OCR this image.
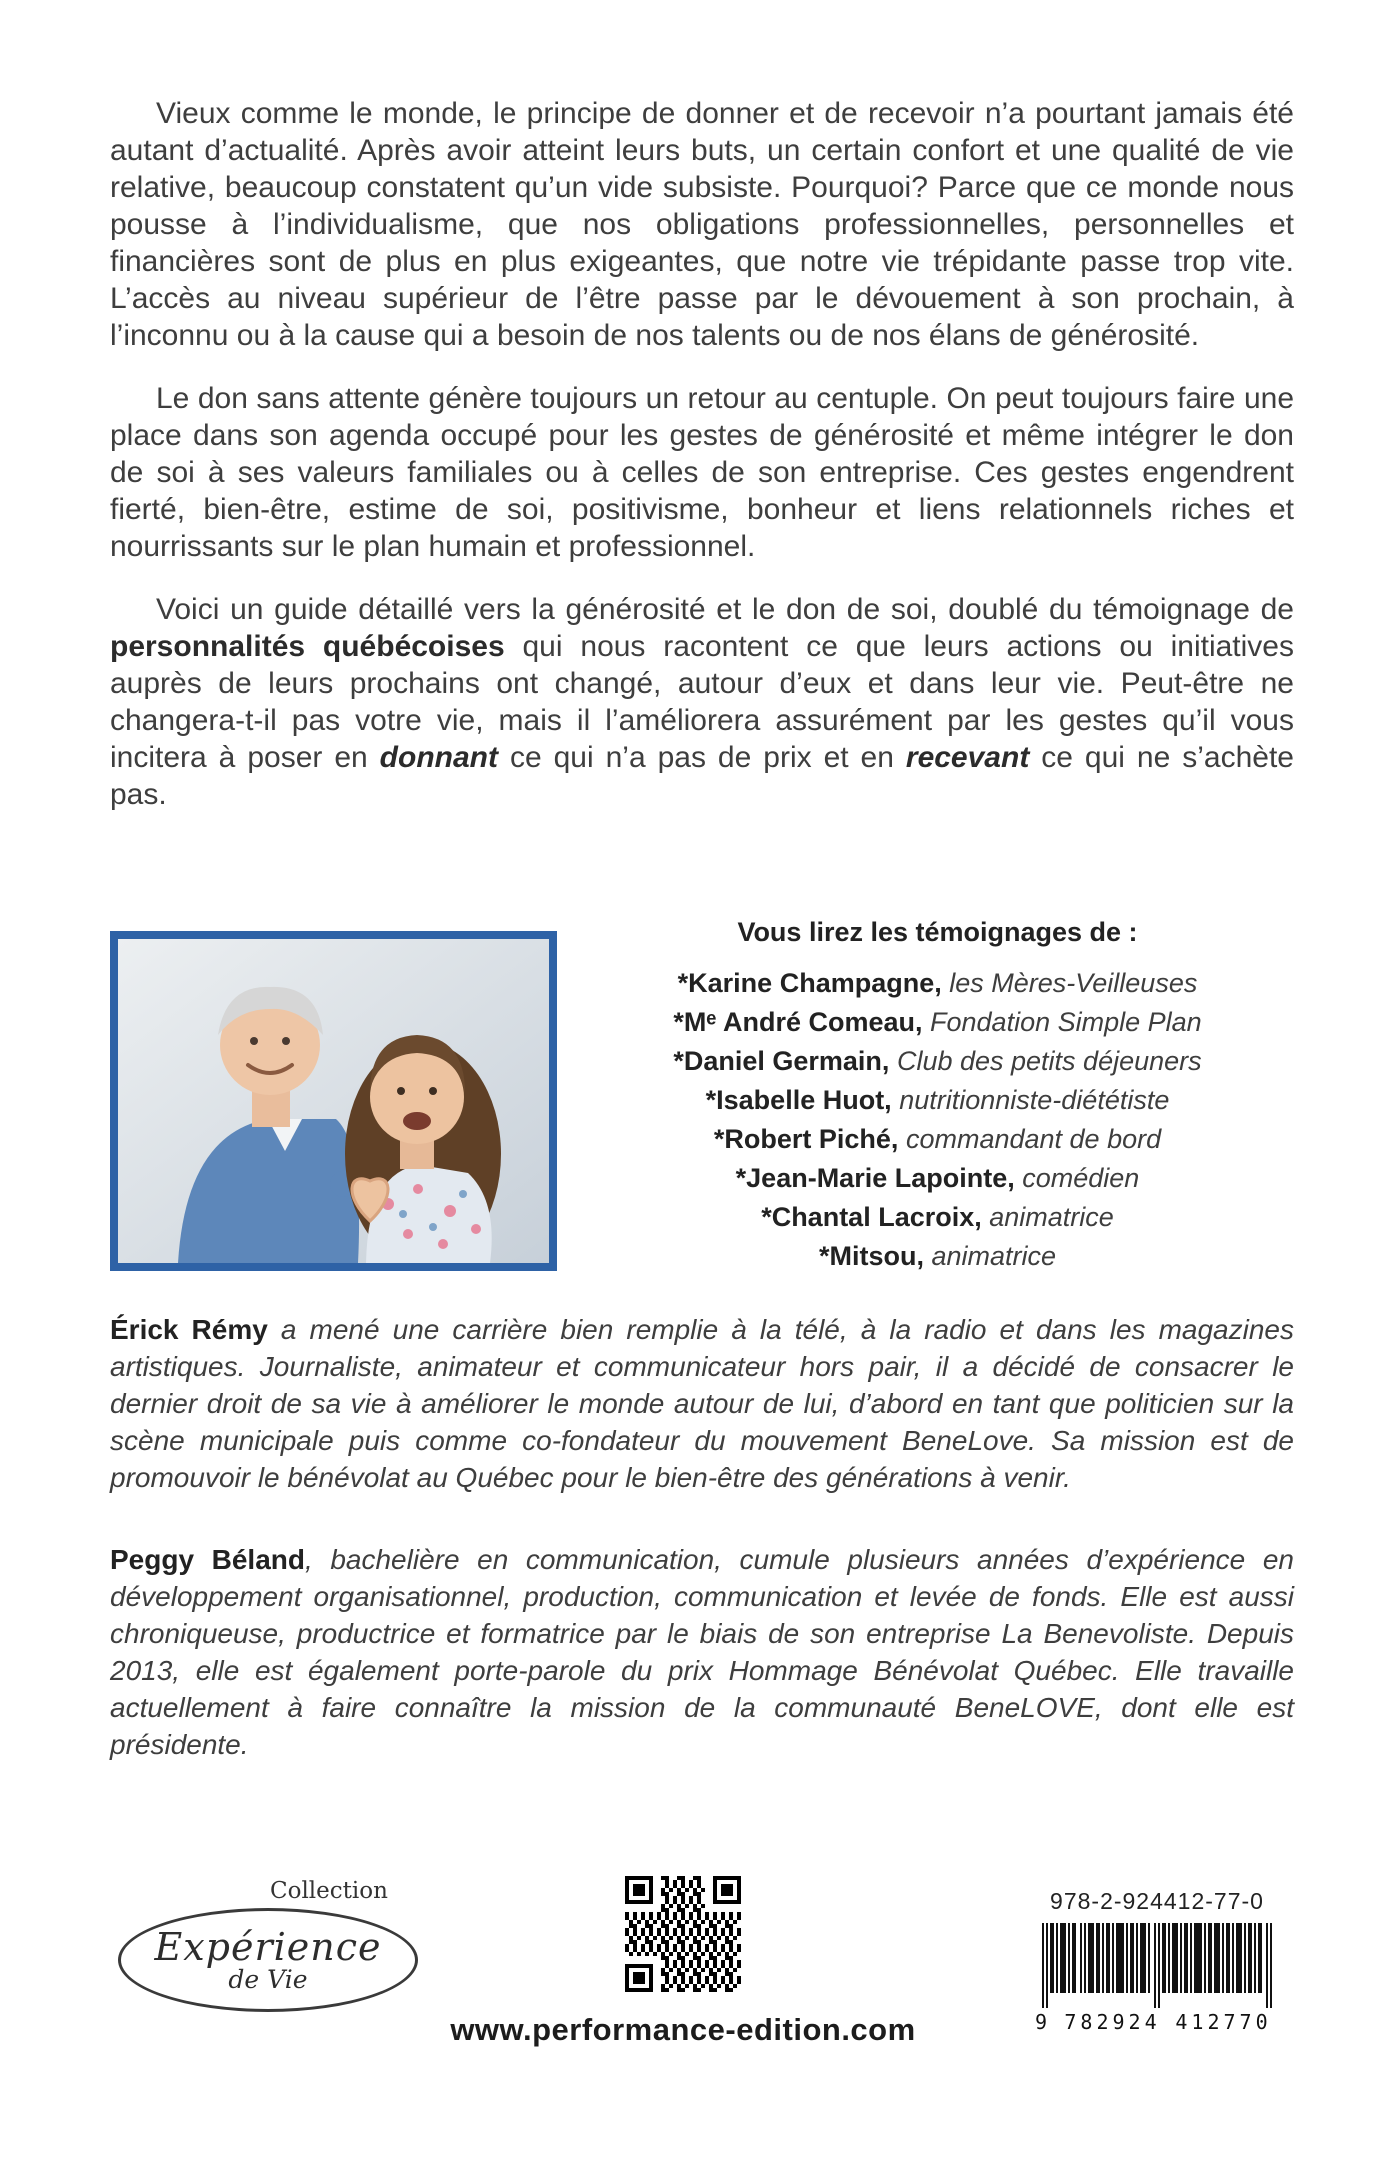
Vieux comme le monde, le principe de donner et de recevoir n’a pourtant jamais été autant d’actualité. Après avoir atteint leurs buts, un certain confort et une qualité de vie relative, beaucoup constatent qu’un vide subsiste. Pourquoi? Parce que ce monde nous pousse à l’individualisme, que nos obligations professionnelles, personnelles et financières sont de plus en plus exigeantes, que notre vie trépidante passe trop vite. L’accès au niveau supérieur de l’être passe par le dévouement à son prochain, à l’inconnu ou à la cause qui a besoin de nos talents ou de nos élans de générosité.

Le don sans attente génère toujours un retour au centuple. On peut toujours faire une place dans son agenda occupé pour les gestes de générosité et même intégrer le don de soi à ses valeurs familiales ou à celles de son entreprise. Ces gestes engendrent fierté, bien-être, estime de soi, positivisme, bonheur et liens relationnels riches et nourrissants sur le plan humain et professionnel.

Voici un guide détaillé vers la générosité et le don de soi, doublé du témoignage de personnalités québécoises qui nous racontent ce que leurs actions ou initiatives auprès de leurs prochains ont changé, autour d’eux et dans leur vie. Peut-être ne changera-t-il pas votre vie, mais il l’améliorera assurément par les gestes qu’il vous incitera à poser en donnant ce qui n’a pas de prix et en recevant ce qui ne s’achète pas.

Vous lirez les témoignages de :
*Karine Champagne, les Mères-Veilleuses
*Mᵉ André Comeau, Fondation Simple Plan
*Daniel Germain, Club des petits déjeuners
*Isabelle Huot, nutritionniste-diététiste
*Robert Piché, commandant de bord
*Jean-Marie Lapointe, comédien
*Chantal Lacroix, animatrice
*Mitsou, animatrice

Érick Rémy a mené une carrière bien remplie à la télé, à la radio et dans les magazines artistiques. Journaliste, animateur et communicateur hors pair, il a décidé de consacrer le dernier droit de sa vie à améliorer le monde autour de lui, d’abord en tant que politicien sur la scène municipale puis comme co-fondateur du mouvement BeneLove. Sa mission est de promouvoir le bénévolat au Québec pour le bien-être des générations à venir.

Peggy Béland, bachelière en communication, cumule plusieurs années d’expérience en développement organisationnel, production, communication et levée de fonds. Elle est aussi chroniqueuse, productrice et formatrice par le biais de son entreprise La Benevoliste. Depuis 2013, elle est également porte-parole du prix Hommage Bénévolat Québec. Elle travaille actuellement à faire connaître la mission de la communauté BeneLOVE, dont elle est présidente.

Collection
Expérience
de Vie
www.performance-edition.com
978-2-924412-77-0
9 782924 412770
